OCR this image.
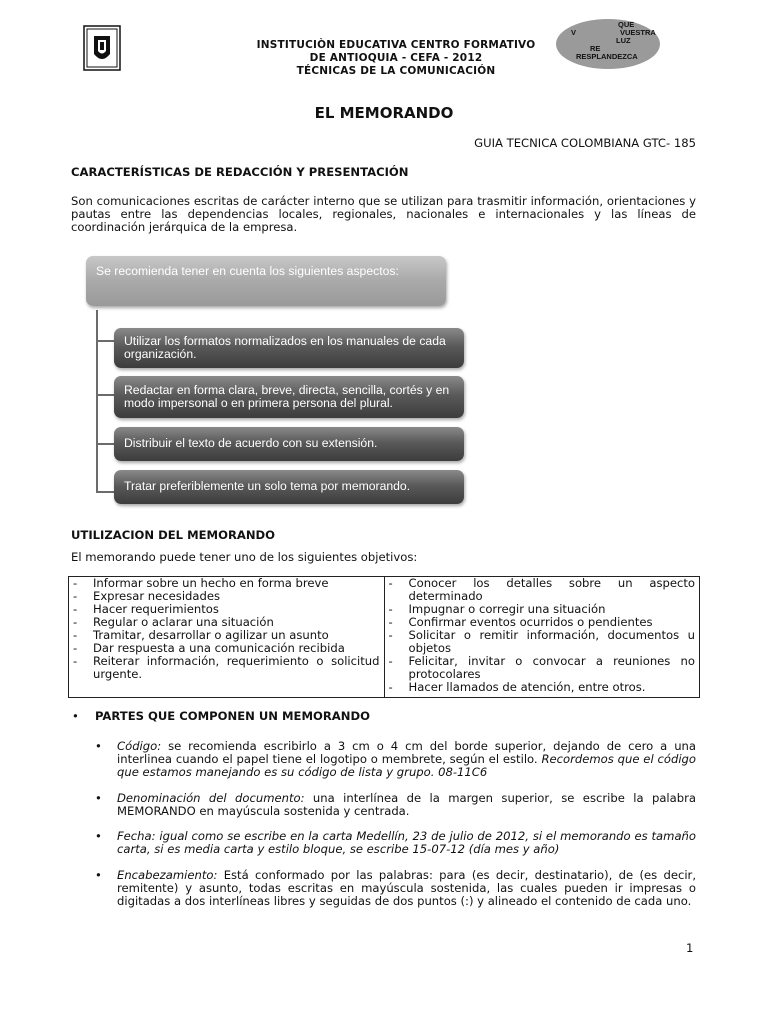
INSTITUCIÒN EDUCATIVA CENTRO FORMATIVO
DE ANTIOQUIA - CEFA - 2012
TÉCNICAS DE LA COMUNICACIÓN
QUE
V	VUESTRA
LUZ
RE
RESPLANDEZCA
EL MEMORANDO
GUIA TECNICA COLOMBIANA GTC- 185
CARACTERÍSTICAS DE REDACCIÓN Y PRESENTACIÓN
Son comunicaciones escritas de carácter interno que se utilizan para trasmitir información, orientaciones y pautas entre las dependencias locales, regionales, nacionales e internacionales y las líneas de coordinación jerárquica de la empresa.
Se recomienda tener en cuenta los siguientes aspectos:
Utilizar los formatos normalizados en los manuales de cada organización.
Redactar en forma clara, breve, directa, sencilla, cortés y en modo impersonal o en primera persona del plural.
Distribuir el texto de acuerdo con su extensión.
Tratar preferiblemente un solo tema por memorando.
UTILIZACION DEL MEMORANDO
El memorando puede tener uno de los siguientes objetivos:
-	Informar sobre un hecho en forma breve
-	Expresar necesidades
-	Hacer requerimientos
-	Regular o aclarar una situación
-	Tramitar, desarrollar o agilizar un asunto
-	Dar respuesta a una comunicación recibida
-	Reiterar información, requerimiento o solicitud urgente.

-	Conocer los detalles sobre un aspecto determinado
-	Impugnar o corregir una situación
-	Confirmar eventos ocurridos o pendientes
-	Solicitar o remitir información, documentos u objetos
-	Felicitar, invitar o convocar a reuniones no protocolares
-	Hacer llamados de atención, entre otros.
• PARTES QUE COMPONEN UN MEMORANDO
• Código: se recomienda escribirlo a 3 cm o 4 cm del borde superior, dejando de cero a una interlinea cuando el papel tiene el logotipo o membrete, según el estilo. Recordemos que el código que estamos manejando es su código de lista y grupo. 08-11C6
• Denominación del documento: una interlínea de la margen superior, se escribe la palabra MEMORANDO en mayúscula sostenida y centrada.
• Fecha: igual como se escribe en la carta Medellín, 23 de julio de 2012, si el memorando es tamaño carta, si es media carta y estilo bloque, se escribe 15-07-12 (día mes y año)
• Encabezamiento: Está conformado por las palabras: para (es decir, destinatario), de (es decir, remitente) y asunto, todas escritas en mayúscula sostenida, las cuales pueden ir impresas o digitadas a dos interlíneas libres y seguidas de dos puntos (:) y alineado el contenido de cada uno.
1
